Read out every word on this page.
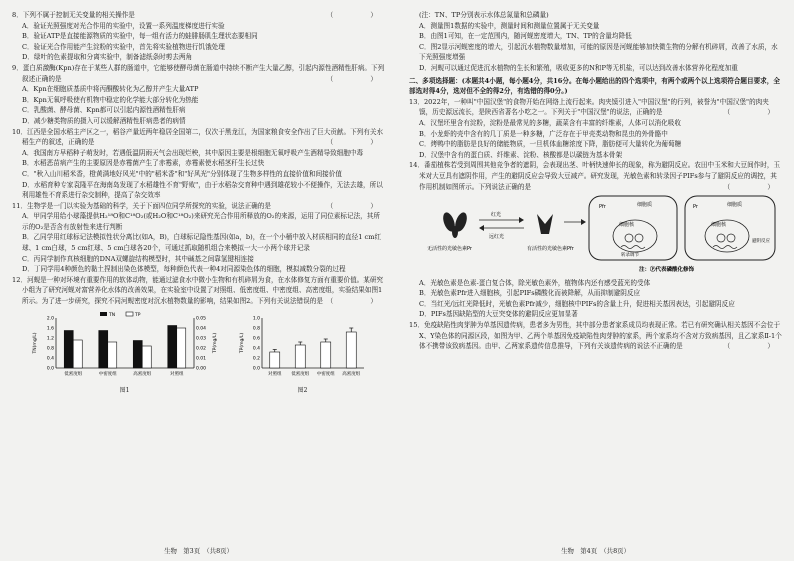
8．下列不属于控制无关变量的相关操作是	（　　）

A．验证光照强度对光合作用的实验中，设置一系列温度梯度进行实验

B．验证ATP是直接能源物质的实验中，每一组有活力的蛙腓肠肌生理状态要相同

C．验证光合作用能产生淀粉的实验中，首先将实验植物进行饥饿处理

D．绿叶的色素提取和分离实验中，制备滤纸条时剪去两角

9．蛋白质激酶(Kpn)存在于某些人群的肠道中，它能够使酵母菌在肠道中持续不断产生大量乙醇，引起内源性酒精性肝病。下列叙述正确的是	（　　）

A．Kpn在细胞质基质中将丙酮酸转化为乙醇并产生大量ATP

B．Kpn无氧呼吸使有机物中稳定的化学能大部分转化为热能

C．乳酸菌、酵母菌、Kpn都可以引起内源性酒精性肝病

D．减少糖类物质的摄入可以缓解酒精性肝病患者的病情

10．江西是全国水稻主产区之一，稻谷产量近两年稳居全国第二，仅次于黑龙江，为国家粮食安全作出了巨大贡献。下列有关水稻生产的叙述，正确的是	（　　）

A．我国南方早稻种子萌发时，若遇低温阴雨天气会出现烂秧，其中原因主要是根细胞无氧呼吸产生酒精导致细胞中毒

B．水稻恶苗病产生的主要原因是赤霉菌产生了赤霉素，赤霉素使水稻茎秆生长过快

C．"秋入山川稻米香，橙黄满地好风光"中的"稻米香"和"好风光"分别体现了生物多样性的直接价值和间接价值

D．水稻育种专家袁隆平在海南岛发现了水稻雄性不育"野败"，由于水稻杂交育种中遇到雄花较小不便操作，无法去雄，所以利用雄性不育系进行杂交制种，提高了杂交效率

11．生物学是一门以实验为基础的科学，关于下面四位同学所探究的实验，说法正确的是	（　　）

A．甲同学用给小球藻提供H₂¹⁸O和C¹⁸O₂(或H₂O和C¹⁸O₂)来研究光合作用所释放的O₂的来源，运用了同位素标记法，其所示的O₂是否含有放射性来进行判断

B．乙同学用红球标记法模拟性状分离比(如A，B)，白球标记隐性基因(如a，b)，在一个小桶中放入材质相同的直径1 cm红球、1 cm白球，5 cm红球、5 cm白球各20个，可通过抓取随机组合来模拟一大一小两个球并记录

C．丙同学制作真核细胞的DNA双螺旋结构模型时，其中碱基之间靠氢键相连接

D．丁同学用4种颜色的黏土捏制出染色体模型，每种颜色代表一种4对同源染色体的细胞，模拟减数分裂的过程

12．河蚬是一种对环境有重要作用的软体动物，能通过滤食水中微小生物和有机碎屑为食，在水体修复方面有重要价值。某研究小组为了研究河蚬对富营养化水体的改善效果，在实验室中设置了对照组、低密度组、中密度组、高密度组，实验结果如图1所示。为了进一步研究，探究不同河蚬密度对沉水植物数量的影响，结果如图2。下列有关说法错误的是 （　　）

0.0
0.4
0.8
1.2
1.6
2.0
0.00
0.01
0.02
0.03
0.04
0.05
TN(mg/L)	TP(mg/L)
低密度组	中密度组	高密度组	对照组
TN	TP
图1
0.0
0.2
0.4
0.6
0.8
1.0
TP(mg/L)
对照组 低密度组 中密度组 高密度组
图2
生物　第3页　（共8页）

(注：TN、TP分别表示水体总氮量和总磷量)

A．测量图1数据的实验中，测量时间和测量位置属于无关变量

B．由图1可知，在一定范围内，随河蚬密度增大，TN、TP的含量均降低

C．图2显示河蚬密度的增大，引起沉水植物数量增加，可能的原因是河蚬能够加快微生物的分解有机碎屑，改善了水质，水下光照强度增强

D．河蚬可以通过促进沉水植物的生长和繁殖，吸收更多的N和P等无机盐，可以达到改善水体营养化程度加重

二、多项选择题：(本题共4小题，每小题4分，共16分。在每小题给出的四个选项中，有两个或两个以上选项符合题目要求，全部选对得4分，选对但不全的得2分，有选错的得0分。)

13．2022年，一种叫"中国汉堡"的食物开始在网络上流行起来。肉夹馍引进入"中国汉堡"的行列，被誉为"中国汉堡"的肉夹馍，历史源远流长，是陕西省著名小吃之一。下列关于"中国汉堡"的说法，正确的是	（　　）

A．汉堡坯里含有淀粉，淀粉是最常见的多糖，蔬菜含有丰富的纤维素，人体可以消化吸收

B．小龙虾的壳中含有的几丁质是一种多糖，广泛存在于甲壳类动物和昆虫的外骨骼中

C．烤鸭中的脂肪是良好的储能物质，一旦机体血糖浓度下降，脂肪便可大量转化为葡萄糖

D．汉堡中含有的蛋白质、纤维素、淀粉、核酸都是以碳链为基本骨架

14．番茄植株若受到周围其他竞争者的遮阴，会表现出茎、叶柄快速伸长的现象，称为避阴反应。农田中玉米和大豆间作时，玉米对大豆具有遮阴作用，产生的避阴反应会导致大豆减产。研究发现，光敏色素和转录因子PIFs参与了避阴反应的调控，其作用机制如图所示。下列说法正确的是	（　　）

无活性的光敏色素Pr
红光
远红光
有活性的光敏色素Pfr
细胞质
Pfr
细胞核
转录调节
细胞质
Pr
细胞核
避阴反应
注：Ⓟ代表磷酸化修饰

A．光敏色素是色素-蛋白复合体，除光敏色素外，植物体内还有感受蓝光的受体

B．光敏色素Pfr进入细胞核，引起PIFs磷酸化而被降解，从而抑制避阴反应

C．当红光/远红光降低时，光敏色素Pfr减少，细胞核中PIFs的含量上升，促进相关基因表达，引起避阴反应

D．PIFs基因缺陷型的大豆突变体的避阴反应更加显著

15．免疫缺陷性肉芽肿为单基因遗传病，患者多为男性，其中部分患者家系成员均表现正常。若已有研究确认相关基因不会位于X、Y染色体的同源区段，如图为甲、乙两个单基因免疫缺陷性肉芽肿的家系，两个家系均不含对方致病基因，且乙家系Ⅱ-1个体不携带该致病基因。由甲、乙两家系遗传信息推导，下列有关该遗传病的说法不正确的是	（　　）

生物　第4页　（共8页）
